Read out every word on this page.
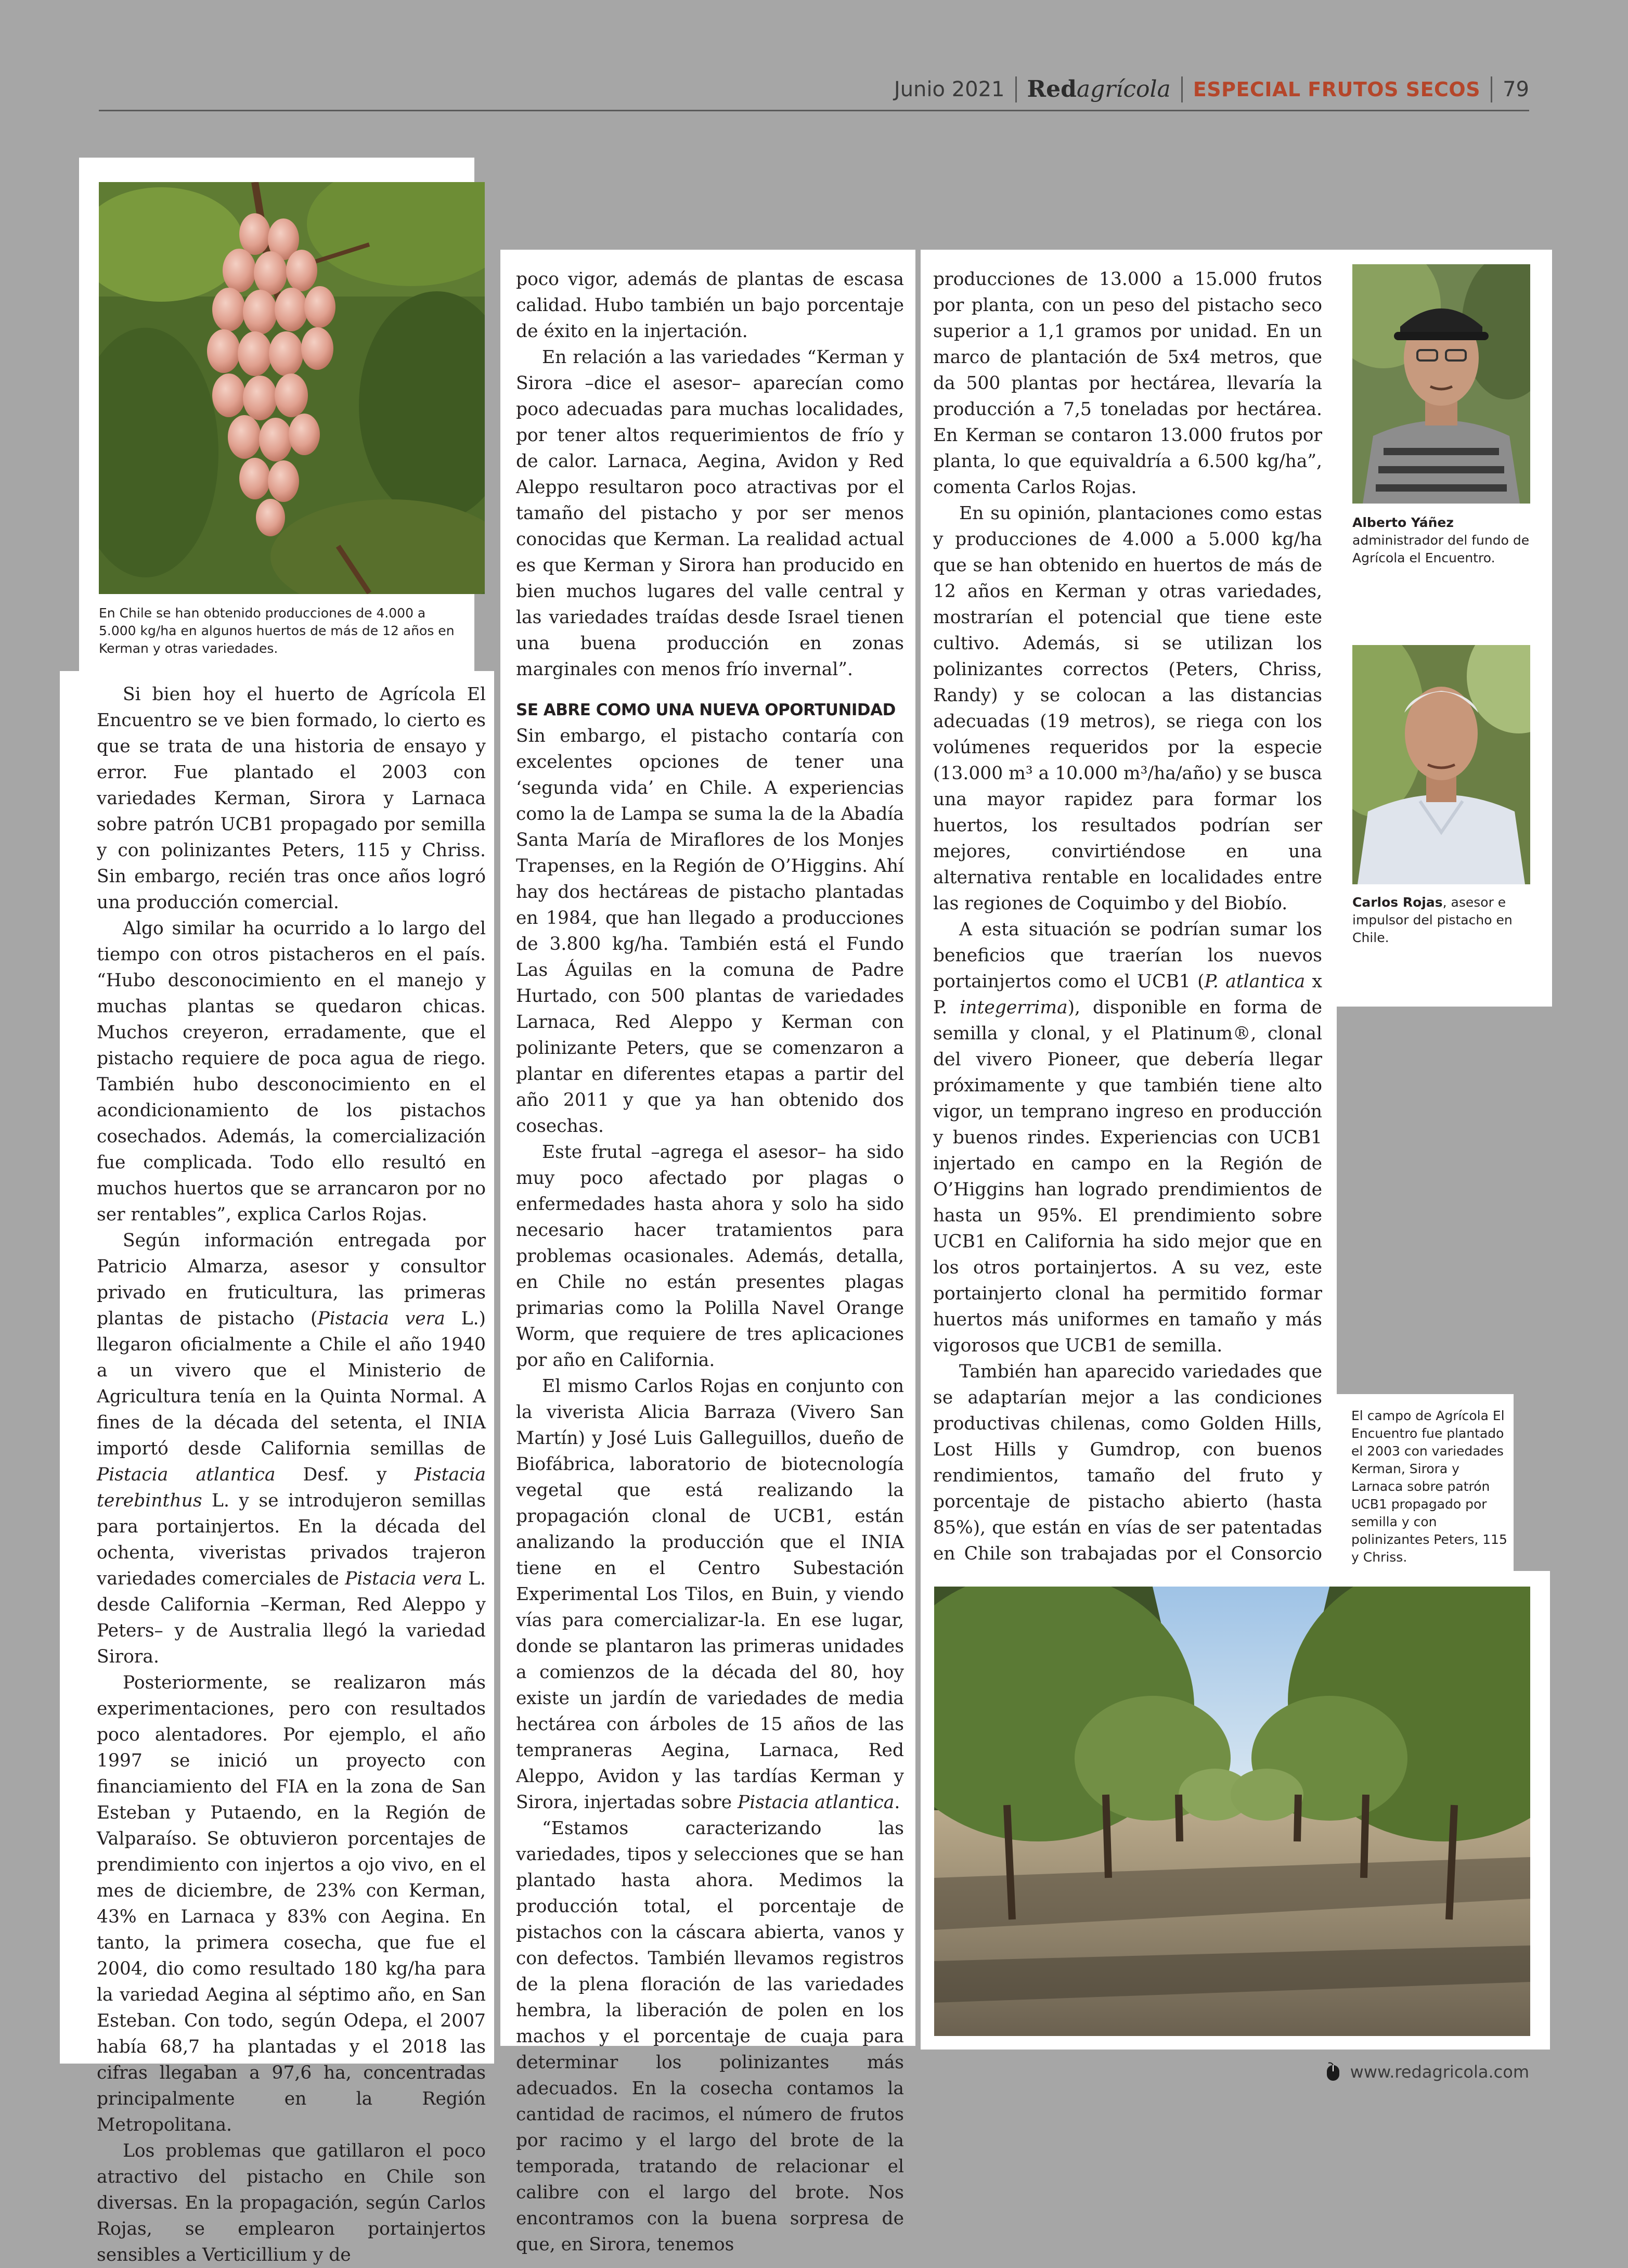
Junio 2021 Redagrícola ESPECIAL FRUTOS SECOS 79
En Chile se han obtenido producciones de 4.000 a 5.000 kg/ha en algunos huertos de más de 12 años en Kerman y otras variedades.

Si bien hoy el huerto de Agrícola El Encuentro se ve bien formado, lo cierto es que se trata de una historia de ensayo y error. Fue plantado el 2003 con variedades Kerman, Sirora y Larnaca sobre patrón UCB1 propagado por semilla y con polinizantes Peters, 115 y Chriss. Sin embargo, recién tras once años logró una producción comercial.

Algo similar ha ocurrido a lo largo del tiempo con otros pistacheros en el país. “Hubo desconocimiento en el manejo y muchas plantas se quedaron chicas. Muchos creyeron, erradamente, que el pistacho requiere de poca agua de riego. También hubo desconocimiento en el acondicionamiento de los pistachos cosechados. Además, la comercialización fue complicada. Todo ello resultó en muchos huertos que se arrancaron por no ser rentables”, explica Carlos Rojas.

Según información entregada por Patricio Almarza, asesor y consultor privado en fruticultura, las primeras plantas de pistacho (Pistacia vera L.) llegaron oficialmente a Chile el año 1940 a un vivero que el Ministerio de Agricultura tenía en la Quinta Normal. A fines de la década del setenta, el INIA importó desde California semillas de Pistacia atlantica Desf. y Pistacia terebinthus L. y se introdujeron semillas para portainjertos. En la década del ochenta, viveristas privados trajeron variedades comerciales de Pistacia vera L. desde California –Kerman, Red Aleppo y Peters– y de Australia llegó la variedad Sirora.

Posteriormente, se realizaron más experimentaciones, pero con resultados poco alentadores. Por ejemplo, el año 1997 se inició un proyecto con financiamiento del FIA en la zona de San Esteban y Putaendo, en la Región de Valparaíso. Se obtuvieron porcentajes de prendimiento con injertos a ojo vivo, en el mes de diciembre, de 23% con Kerman, 43% en Larnaca y 83% con Aegina. En tanto, la primera cosecha, que fue el 2004, dio como resultado 180 kg/ha para la variedad Aegina al séptimo año, en San Esteban. Con todo, según Odepa, el 2007 había 68,7 ha plantadas y el 2018 las cifras llegaban a 97,6 ha, concentradas principalmente en la Región Metropolitana.

Los problemas que gatillaron el poco atractivo del pistacho en Chile son diversas. En la propagación, según Carlos Rojas, se emplearon portainjertos sensibles a Verticillium y de

poco vigor, además de plantas de escasa calidad. Hubo también un bajo porcentaje de éxito en la injertación.

En relación a las variedades “Kerman y Sirora –dice el asesor– aparecían como poco adecuadas para muchas localidades, por tener altos requerimientos de frío y de calor. Larnaca, Aegina, Avidon y Red Aleppo resultaron poco atractivas por el tamaño del pistacho y por ser menos conocidas que Kerman. La realidad actual es que Kerman y Sirora han producido en bien muchos lugares del valle central y las variedades traídas desde Israel tienen una buena producción en zonas marginales con menos frío invernal”.

SE ABRE COMO UNA NUEVA OPORTUNIDAD

Sin embargo, el pistacho contaría con excelentes opciones de tener una ‘segunda vida’ en Chile. A experiencias como la de Lampa se suma la de la Abadía Santa María de Miraflores de los Monjes Trapenses, en la Región de O’Higgins. Ahí hay dos hectáreas de pistacho plantadas en 1984, que han llegado a producciones de 3.800 kg/ha. También está el Fundo Las Águilas en la comuna de Padre Hurtado, con 500 plantas de variedades Larnaca, Red Aleppo y Kerman con polinizante Peters, que se comenzaron a plantar en diferentes etapas a partir del año 2011 y que ya han obtenido dos cosechas.

Este frutal –agrega el asesor– ha sido muy poco afectado por plagas o enfermedades hasta ahora y solo ha sido necesario hacer tratamientos para problemas ocasionales. Además, detalla, en Chile no están presentes plagas primarias como la Polilla Navel Orange Worm, que requiere de tres aplicaciones por año en California.

El mismo Carlos Rojas en conjunto con la viverista Alicia Barraza (Vivero San Martín) y José Luis Galleguillos, dueño de Biofábrica, laboratorio de biotecnología vegetal que está realizando la propagación clonal de UCB1, están analizando la producción que el INIA tiene en el Centro Subestación Experimental Los Tilos, en Buin, y viendo vías para comercializar-la. En ese lugar, donde se plantaron las primeras unidades a comienzos de la década del 80, hoy existe un jardín de variedades de media hectárea con árboles de 15 años de las tempraneras Aegina, Larnaca, Red Aleppo, Avidon y las tardías Kerman y Sirora, injertadas sobre Pistacia atlantica.

“Estamos caracterizando las variedades, tipos y selecciones que se han plantado hasta ahora. Medimos la producción total, el porcentaje de pistachos con la cáscara abierta, vanos y con defectos. También llevamos registros de la plena floración de las variedades hembra, la liberación de polen en los machos y el porcentaje de cuaja para determinar los polinizantes más adecuados. En la cosecha contamos la cantidad de racimos, el número de frutos por racimo y el largo del brote de la temporada, tratando de relacionar el calibre con el largo del brote. Nos encontramos con la buena sorpresa de que, en Sirora, tenemos

producciones de 13.000 a 15.000 frutos por planta, con un peso del pistacho seco superior a 1,1 gramos por unidad. En un marco de plantación de 5x4 metros, que da 500 plantas por hectárea, llevaría la producción a 7,5 toneladas por hectárea. En Kerman se contaron 13.000 frutos por planta, lo que equivaldría a 6.500 kg/ha”, comenta Carlos Rojas.

En su opinión, plantaciones como estas y producciones de 4.000 a 5.000 kg/ha que se han obtenido en huertos de más de 12 años en Kerman y otras variedades, mostrarían el potencial que tiene este cultivo. Además, si se utilizan los polinizantes correctos (Peters, Chriss, Randy) y se colocan a las distancias adecuadas (19 metros), se riega con los volúmenes requeridos por la especie (13.000 m³ a 10.000 m³/ha/año) y se busca una mayor rapidez para formar los huertos, los resultados podrían ser mejores, convirtiéndose en una alternativa rentable en localidades entre las regiones de Coquimbo y del Biobío.

A esta situación se podrían sumar los beneficios que traerían los nuevos portainjertos como el UCB1 (P. atlantica x P. integerrima), disponible en forma de semilla y clonal, y el Platinum®, clonal del vivero Pioneer, que debería llegar próximamente y que también tiene alto vigor, un temprano ingreso en producción y buenos rindes. Experiencias con UCB1 injertado en campo en la Región de O’Higgins han logrado prendimientos de hasta un 95%. El prendimiento sobre UCB1 en California ha sido mejor que en los otros portainjertos. A su vez, este portainjerto clonal ha permitido formar huertos más uniformes en tamaño y más vigorosos que UCB1 de semilla.

También han aparecido variedades que se adaptarían mejor a las condiciones productivas chilenas, como Golden Hills, Lost Hills y Gumdrop, con buenos rendimientos, tamaño del fruto y porcentaje de pistacho abierto (hasta 85%), que están en vías de ser patentadas en Chile son trabajadas por el Consorcio

Alberto Yáñez
administrador del fundo de Agrícola el Encuentro.
Carlos Rojas, asesor e impulsor del pistacho en Chile.
El campo de Agrícola El Encuentro fue plantado el 2003 con variedades Kerman, Sirora y Larnaca sobre patrón UCB1 propagado por semilla y con polinizantes Peters, 115 y Chriss.
www.redagricola.com
